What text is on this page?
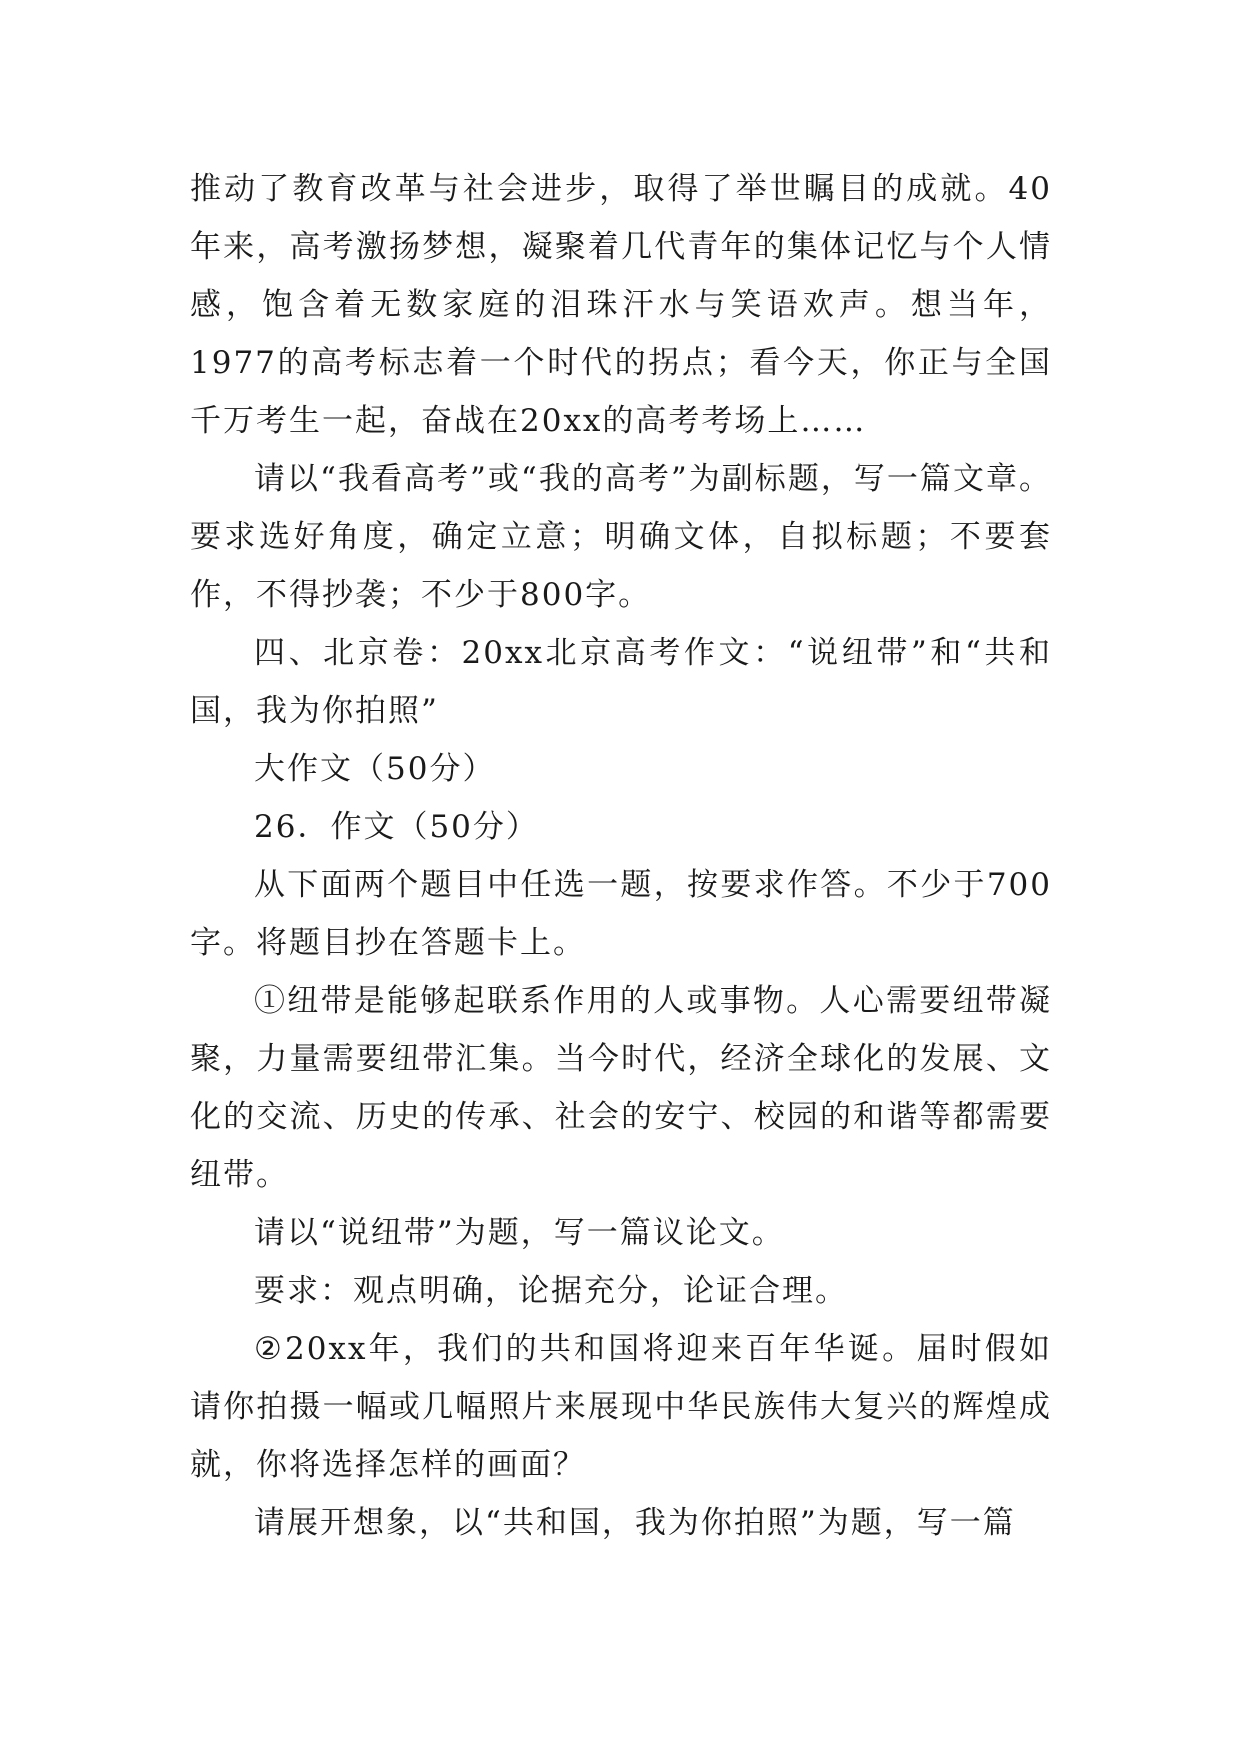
推动了教育改革与社会进步，取得了举世瞩目的成就。40年来，高考激扬梦想，凝聚着几代青年的集体记忆与个人情感，饱含着无数家庭的泪珠汗水与笑语欢声。想当年，1977的高考标志着一个时代的拐点；看今天，你正与全国千万考生一起，奋战在20xx的高考考场上……

请以“我看高考”或“我的高考”为副标题，写一篇文章。要求选好角度，确定立意；明确文体，自拟标题；不要套作，不得抄袭；不少于800字。

四、北京卷：20xx北京高考作文：“说纽带”和“共和国，我为你拍照”

大作文（50分）

26．作文（50分）

从下面两个题目中任选一题，按要求作答。不少于700字。将题目抄在答题卡上。

①纽带是能够起联系作用的人或事物。人心需要纽带凝聚，力量需要纽带汇集。当今时代，经济全球化的发展、文化的交流、历史的传承、社会的安宁、校园的和谐等都需要纽带。

请以“说纽带”为题，写一篇议论文。

要求：观点明确，论据充分，论证合理。

②20xx年，我们的共和国将迎来百年华诞。届时假如请你拍摄一幅或几幅照片来展现中华民族伟大复兴的辉煌成就，你将选择怎样的画面？

请展开想象，以“共和国，我为你拍照”为题，写一篇
